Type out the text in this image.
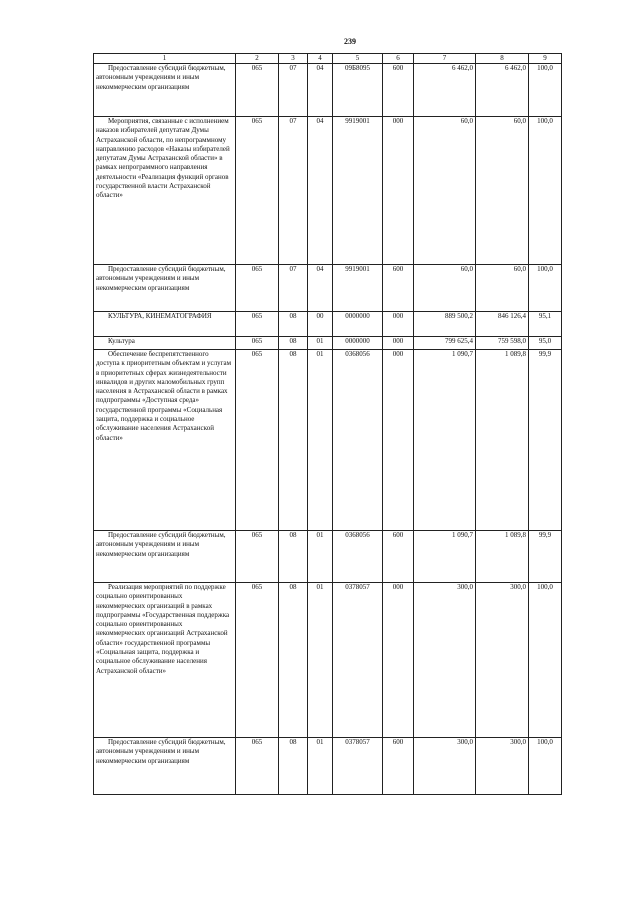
239
1	2	3	4	5	6	7	8	9

Предоставление субсидий бюджетным, автономным учреждениям и иным некоммерческим организациям	065	07	04	09Б8095	600	6 462,0	6 462,0	100,0

Мероприятия, связанные с исполнением наказов избирателей депутатам Думы Астраханской области, по непрограммному направлению расходов «Наказы избирателей депутатам Думы Астраханской области» в рамках непрограммного направления деятельности «Реализация функций органов государственной власти Астраханской области»	065	07	04	9919001	000	60,0	60,0	100,0

Предоставление субсидий бюджетным, автономным учреждениям и иным некоммерческим организациям	065	07	04	9919001	600	60,0	60,0	100,0

КУЛЬТУРА, КИНЕМАТОГРАФИЯ	065	08	00	0000000	000	889 500,2	846 126,4	95,1

Культура	065	08	01	0000000	000	799 625,4	759 598,0	95,0

Обеспечение беспрепятственного доступа к приоритетным объектам и услугам в приоритетных сферах жизнедеятельности инвалидов и других маломобильных групп населения в Астраханской области в рамках подпрограммы «Доступная среда» государственной программы «Социальная защита, поддержка и социальное обслуживание населения Астраханской области»	065	08	01	0368056	000	1 090,7	1 089,8	99,9

Предоставление субсидий бюджетным, автономным учреждениям и иным некоммерческим организациям	065	08	01	0368056	600	1 090,7	1 089,8	99,9

Реализация мероприятий по поддержке социально ориентированных некоммерческих организаций в рамках подпрограммы «Государственная поддержка социально ориентированных некоммерческих организаций Астраханской области» государственной программы «Социальная защита, поддержка и социальное обслуживание населения Астраханской области»	065	08	01	0378057	000	300,0	300,0	100,0

Предоставление субсидий бюджетным, автономным учреждениям и иным некоммерческим организациям	065	08	01	0378057	600	300,0	300,0	100,0
